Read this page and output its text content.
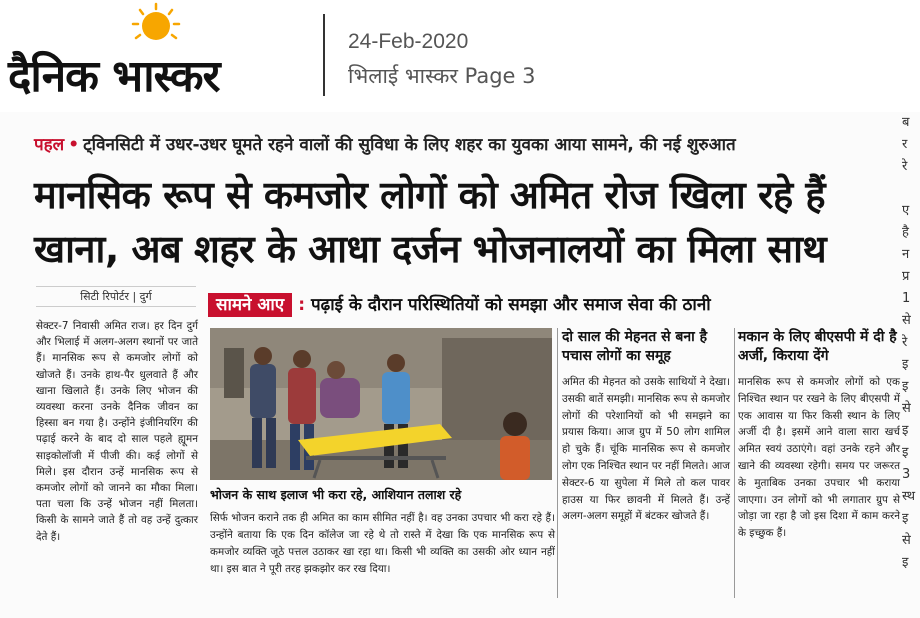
दैनिक भास्कर
24-Feb-2020
भिलाई भास्कर Page 3
पहल • ट्विनसिटी में उधर-उधर घूमते रहने वालों की सुविधा के लिए शहर का युवका आया सामने, की नई शुरुआत
मानसिक रूप से कमजोर लोगों को अमित रोज खिला रहे हैं
खाना, अब शहर के आधा दर्जन भोजनालयों का मिला साथ
ब
र
रे

ए
है
न
प्र
1
से
रे
इ
इ
से
इ
इ
3
स्थ
इ
से
इ
सिटी रिपोर्टर | दुर्ग
सेक्टर-7 निवासी अमित राज। हर दिन दुर्ग और भिलाई में अलग-अलग स्थानों पर जाते हैं। मानसिक रूप से कमजोर लोगों को खोजते हैं। उनके हाथ-पैर धुलवाते हैं और खाना खिलाते हैं। उनके लिए भोजन की व्यवस्था करना उनके दैनिक जीवन का हिस्सा बन गया है। उन्होंने इंजीनियरिंग की पढ़ाई करने के बाद दो साल पहले ह्यूमन साइकोलॉजी में पीजी की। कई लोगों से मिले। इस दौरान उन्हें मानसिक रूप से कमजोर लोगों को जानने का मौका मिला। पता चला कि उन्हें भोजन नहीं मिलता। किसी के सामने जाते हैं तो वह उन्हें दुत्कार देते हैं।
सामने आए : पढ़ाई के दौरान परिस्थितियों को समझा और समाज सेवा की ठानी
भोजन के साथ इलाज भी करा रहे, आशियान तलाश रहे
सिर्फ भोजन कराने तक ही अमित का काम सीमित नहीं है। वह उनका उपचार भी करा रहे हैं। उन्होंने बताया कि एक दिन कॉलेज जा रहे थे तो रास्ते में देखा कि एक मानसिक रूप से कमजोर व्यक्ति जूठे पत्तल उठाकर खा रहा था। किसी भी व्यक्ति का उसकी ओर ध्यान नहीं था। इस बात ने पूरी तरह झकझोर कर रख दिया।
दो साल की मेहनत से बना है पचास लोगों का समूह
अमित की मेहनत को उसके साथियों ने देखा। उसकी बातें समझी। मानसिक रूप से कमजोर लोगों की परेशानियों को भी समझने का प्रयास किया। आज ग्रुप में 50 लोग शामिल हो चुके हैं। चूंकि मानसिक रूप से कमजोर लोग एक निश्चित स्थान पर नहीं मिलते। आज सेक्टर-6 या सुपेला में मिले तो कल पावर हाउस या फिर छावनी में मिलते हैं। उन्हें अलग-अलग समूहों में बंटकर खोजते हैं।
मकान के लिए बीएसपी में दी है अर्जी, किराया देंगे
मानसिक रूप से कमजोर लोगों को एक निश्चित स्थान पर रखने के लिए बीएसपी में एक आवास या फिर किसी स्थान के लिए अर्जी दी है। इसमें आने वाला सारा खर्च अमित स्वयं उठाएंगे। वहां उनके रहने और खाने की व्यवस्था रहेगी। समय पर जरूरत के मुताबिक उनका उपचार भी कराया जाएगा। उन लोगों को भी लगातार ग्रुप से जोड़ा जा रहा है जो इस दिशा में काम करने के इच्छुक हैं।
